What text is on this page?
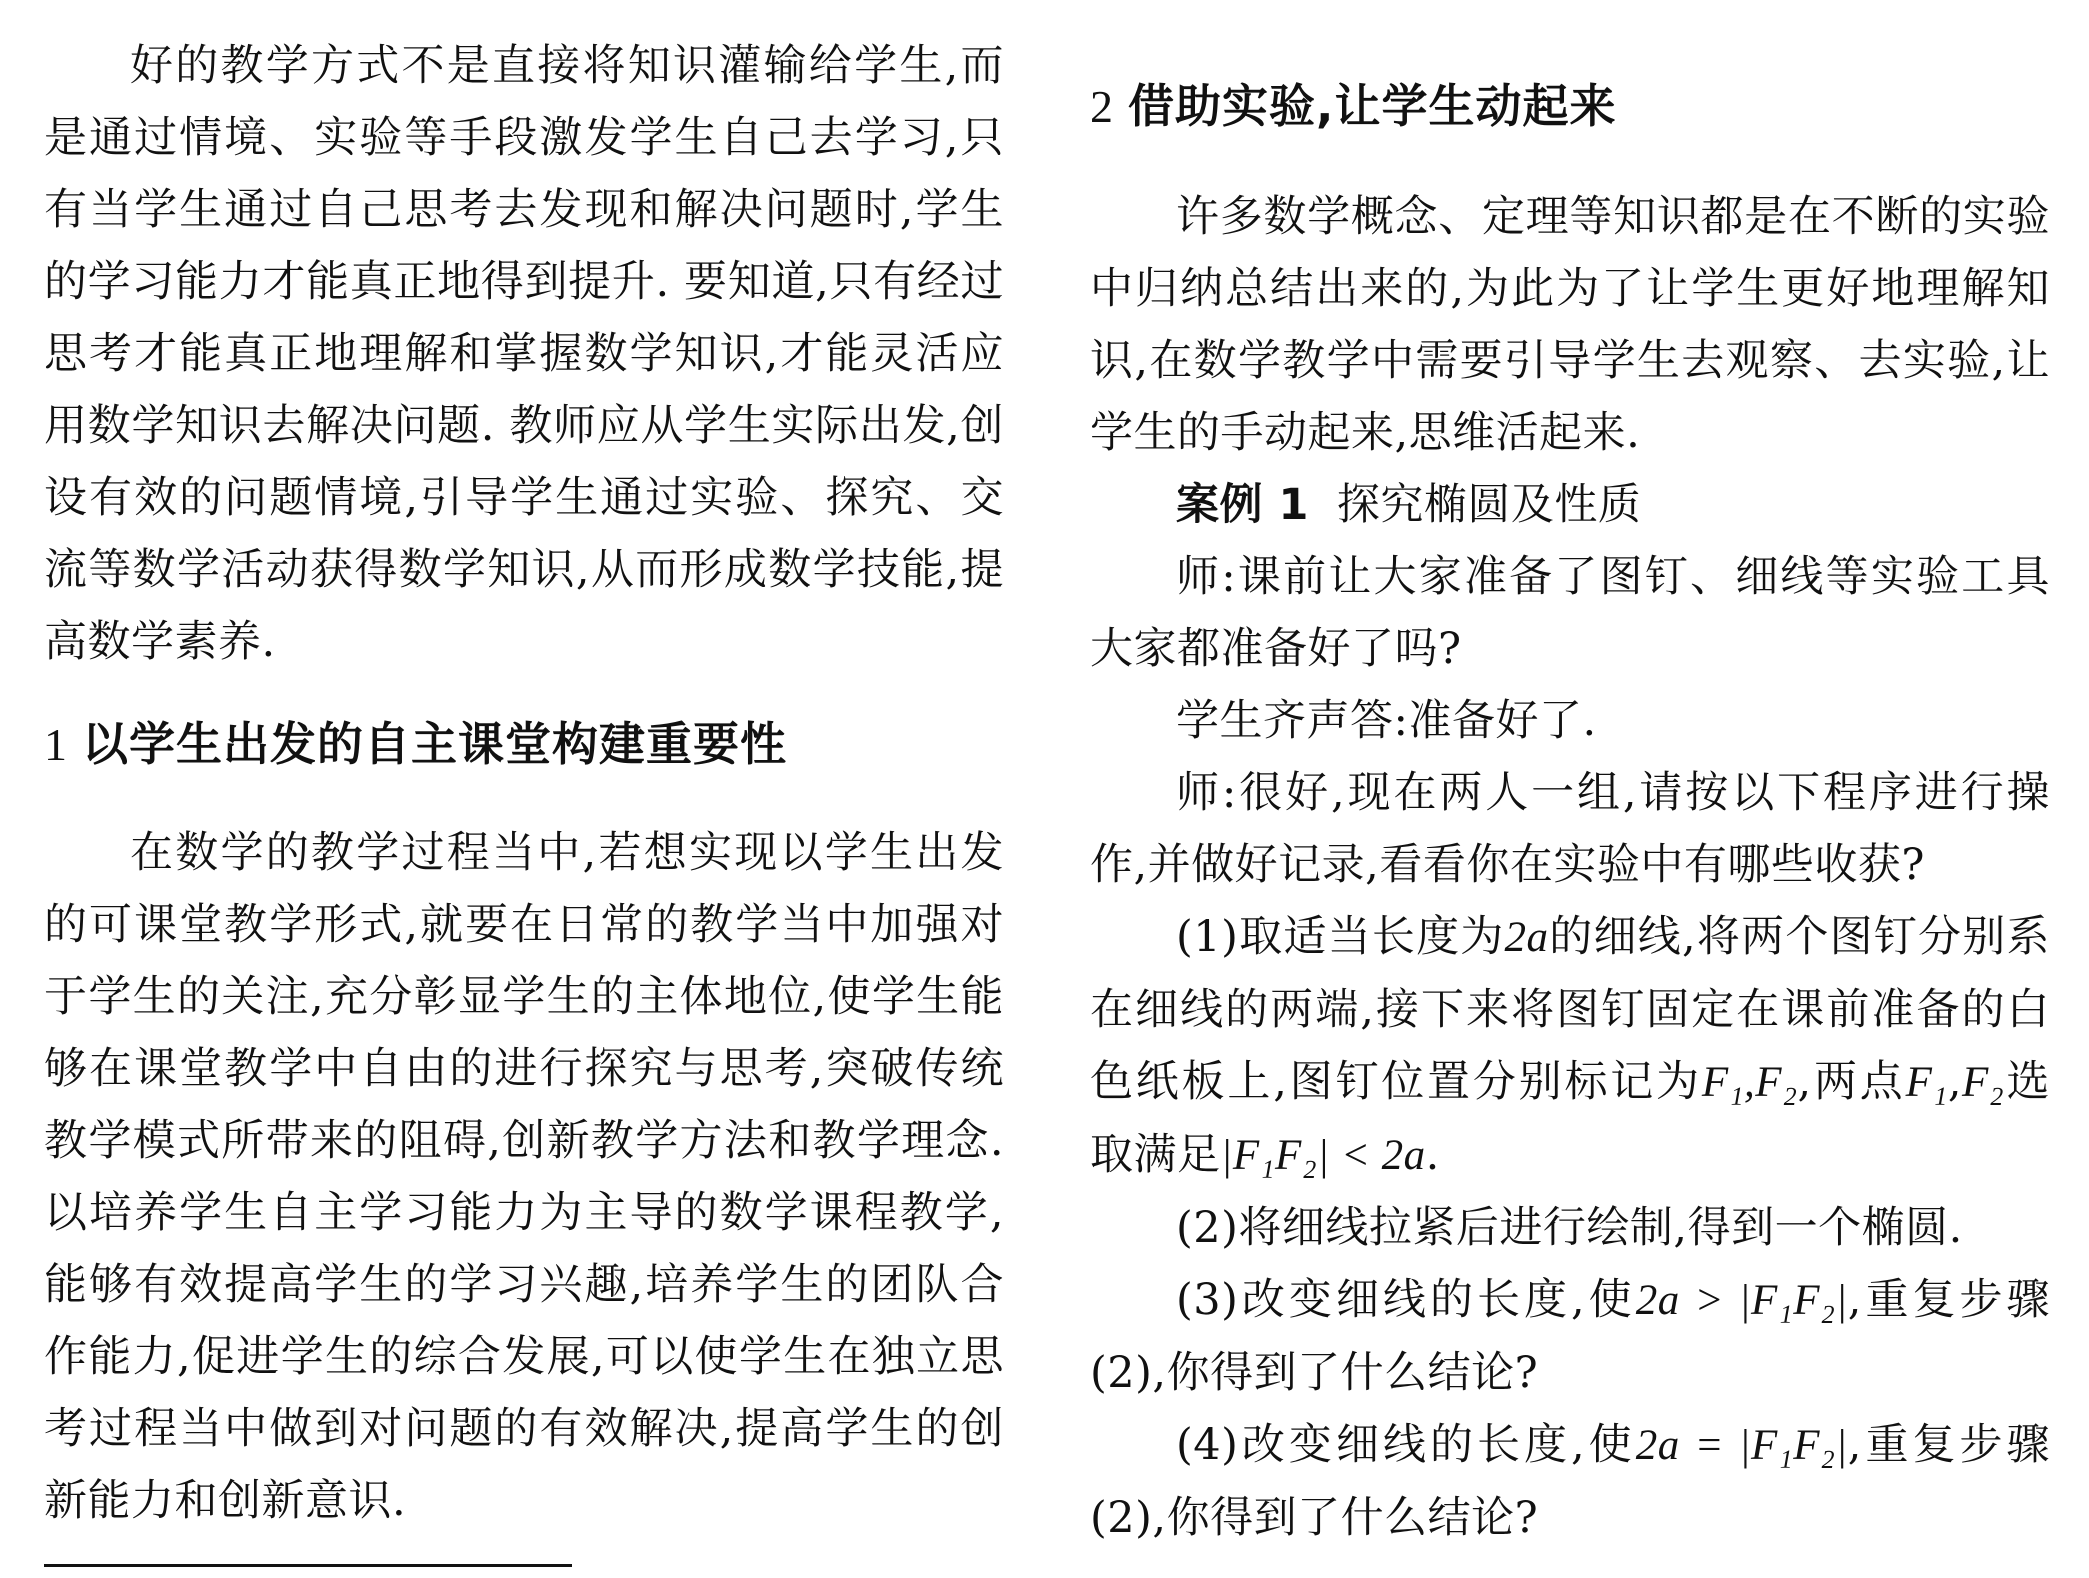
好的教学方式不是直接将知识灌输给学生,而是通过情境、实验等手段激发学生自己去学习,只有当学生通过自己思考去发现和解决问题时,学生的学习能力才能真正地得到提升. 要知道,只有经过思考才能真正地理解和掌握数学知识,才能灵活应用数学知识去解决问题. 教师应从学生实际出发,创设有效的问题情境,引导学生通过实验、探究、交流等数学活动获得数学知识,从而形成数学技能,提高数学素养.

1 以学生出发的自主课堂构建重要性

在数学的教学过程当中,若想实现以学生出发的可课堂教学形式,就要在日常的教学当中加强对于学生的关注,充分彰显学生的主体地位,使学生能够在课堂教学中自由的进行探究与思考,突破传统教学模式所带来的阻碍,创新教学方法和教学理念. 以培养学生自主学习能力为主导的数学课程教学,能够有效提高学生的学习兴趣,培养学生的团队合作能力,促进学生的综合发展,可以使学生在独立思考过程当中做到对问题的有效解决,提高学生的创新能力和创新意识.

2 借助实验,让学生动起来

许多数学概念、定理等知识都是在不断的实验中归纳总结出来的,为此为了让学生更好地理解知识,在数学教学中需要引导学生去观察、去实验,让学生的手动起来,思维活起来.

案例 1 探究椭圆及性质

师:课前让大家准备了图钉、细线等实验工具大家都准备好了吗?

学生齐声答:准备好了.

师:很好,现在两人一组,请按以下程序进行操作,并做好记录,看看你在实验中有哪些收获?

(1)取适当长度为2a的细线,将两个图钉分别系在细线的两端,接下来将图钉固定在课前准备的白色纸板上,图钉位置分别标记为F₁,F₂,两点F₁,F₂选取满足|F₁F₂| < 2a.

(2)将细线拉紧后进行绘制,得到一个椭圆.

(3)改变细线的长度,使2a > |F₁F₂|,重复步骤(2),你得到了什么结论?

(4)改变细线的长度,使2a = |F₁F₂|,重复步骤(2),你得到了什么结论?
